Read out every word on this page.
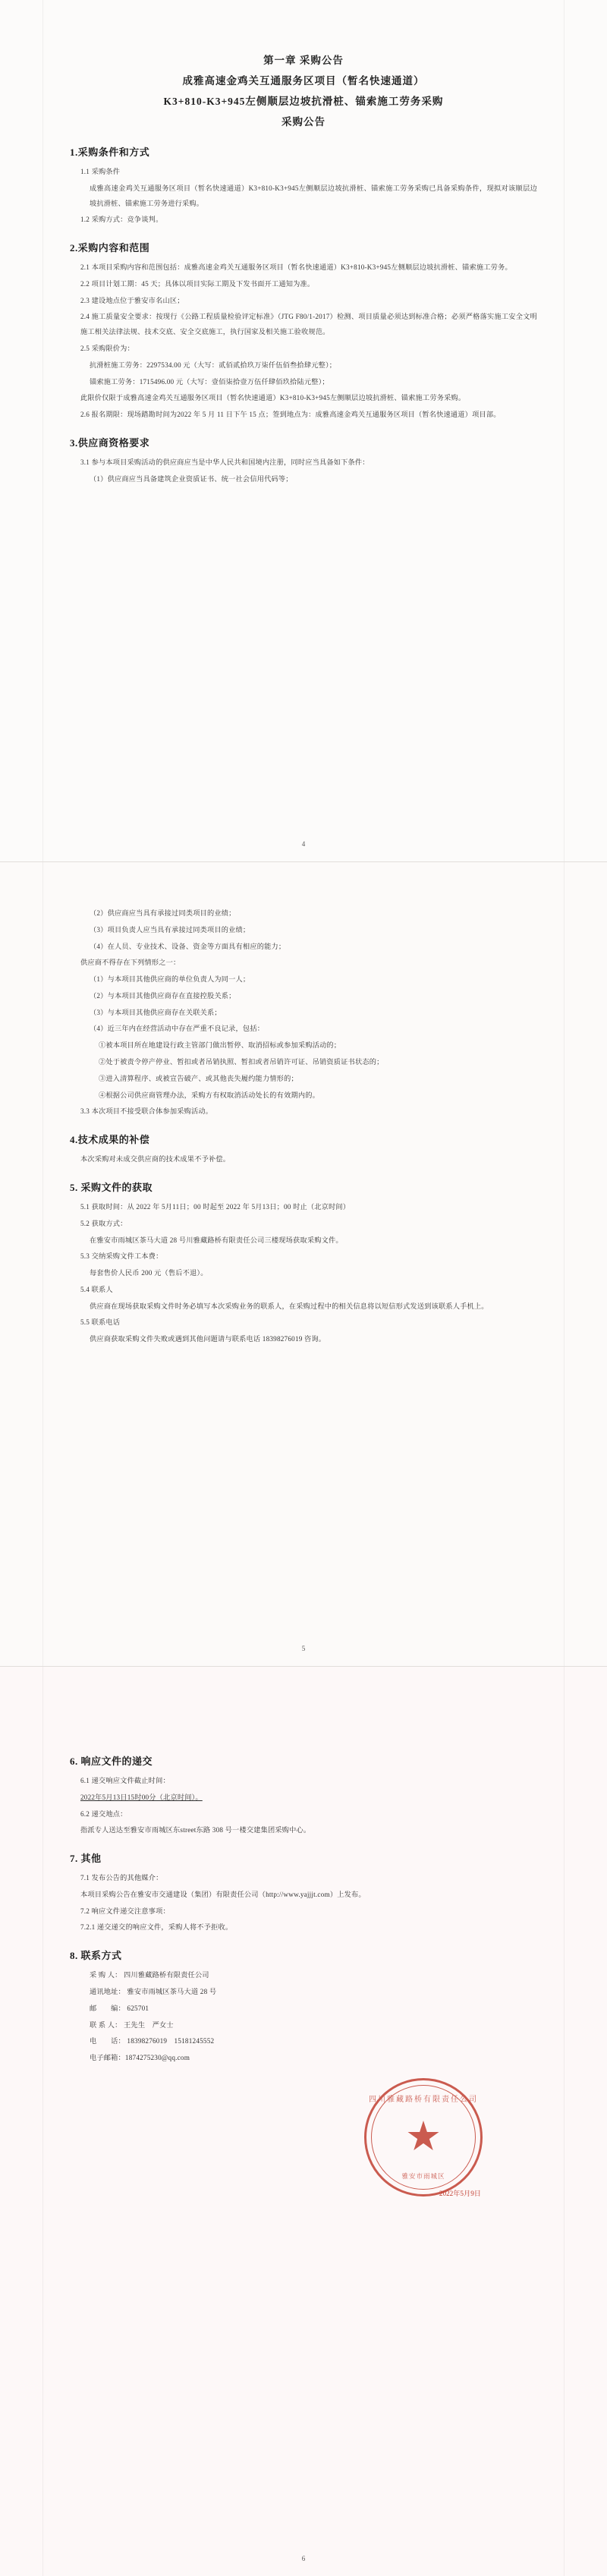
第一章 采购公告
成雅高速金鸡关互通服务区项目（暂名快速通道）
K3+810-K3+945左侧顺层边坡抗滑桩、锚索施工劳务采购
采购公告
1.采购条件和方式

1.1 采购条件

成雅高速金鸡关互通服务区项目（暂名快速通道）K3+810-K3+945左侧顺层边坡抗滑桩、锚索施工劳务采购已具备采购条件，现拟对该顺层边坡抗滑桩、锚索施工劳务进行采购。

1.2 采购方式：竞争谈判。

2.采购内容和范围

2.1 本项目采购内容和范围包括：成雅高速金鸡关互通服务区项目（暂名快速通道）K3+810-K3+945左侧顺层边坡抗滑桩、锚索施工劳务。

2.2 项目计划工期：45 天；具体以项目实际工期及下发书面开工通知为准。

2.3 建设地点位于雅安市名山区；

2.4 施工质量安全要求：按现行《公路工程质量检验评定标准》（JTG F80/1-2017）检测、项目质量必须达到标准合格；必须严格落实施工安全文明施工相关法律法规、技术交底、安全交底施工，执行国家及相关施工验收规范。

2.5 采购限价为：

抗滑桩施工劳务：2297534.00 元（大写：贰佰贰拾玖万柒仟伍佰叁拾肆元整）；

锚索施工劳务：1715496.00 元（大写：壹佰柒拾壹万伍仟肆佰玖拾陆元整）；

此限价仅限于成雅高速金鸡关互通服务区项目（暂名快速通道）K3+810-K3+945左侧顺层边坡抗滑桩、锚索施工劳务采购。

2.6 报名期限：现场踏勘时间为2022 年 5 月 11 日下午 15 点；签到地点为：成雅高速金鸡关互通服务区项目（暂名快速通道）项目部。

3.供应商资格要求

3.1 参与本项目采购活动的供应商应当是中华人民共和国境内注册，同时应当具备如下条件：

（1）供应商应当具备建筑企业资质证书、统一社会信用代码等；

4

（2）供应商应当具有承接过同类项目的业绩；

（3）项目负责人应当具有承接过同类项目的业绩；

（4）在人员、专业技术、设备、资金等方面具有相应的能力；

供应商不得存在下列情形之一：

（1）与本项目其他供应商的单位负责人为同一人；

（2）与本项目其他供应商存在直接控股关系；

（3）与本项目其他供应商存在关联关系；

（4）近三年内在经营活动中存在严重不良记录，包括：

①被本项目所在地建设行政主管部门做出暂停、取消招标或参加采购活动的；

②处于被责令停产停业、暂扣或者吊销执照、暂扣或者吊销许可证、吊销资质证书状态的；

③进入清算程序、或被宣告破产、或其他丧失履约能力情形的；

④根据公司供应商管理办法，采购方有权取消活动处长的有效期内的。

3.3 本次项目不接受联合体参加采购活动。

4.技术成果的补偿

本次采购对未成交供应商的技术成果不予补偿。

5. 采购文件的获取

5.1 获取时间：从 2022 年 5月11日；00 时起至 2022 年 5月13日；00 时止（北京时间）

5.2 获取方式：

在雅安市雨城区茶马大道 28 号川雅藏路桥有限责任公司三楼现场获取采购文件。

5.3 交纳采购文件工本费：

每套售价人民币 200 元（售后不退）。

5.4 联系人

供应商在现场获取采购文件时务必填写本次采购业务的联系人，在采购过程中的相关信息将以短信形式发送到该联系人手机上。

5.5 联系电话

供应商获取采购文件失败或遇到其他问题请与联系电话 18398276019 咨询。

5
6. 响应文件的递交

6.1 递交响应文件截止时间：

2022年5月13日15时00分（北京时间）。

6.2 递交地点：

指派专人送达至雅安市雨城区东street东路 308 号一楼交建集团采购中心。

7. 其他

7.1 发布公告的其他媒介：

本项目采购公告在雅安市交通建设（集团）有限责任公司（http://www.yajjjt.com）上发布。

7.2 响应文件递交注意事项：

7.2.1 递交递交的响应文件，采购人将不予拒收。

8. 联系方式

采 购 人： 四川雅藏路桥有限责任公司

通讯地址： 雅安市雨城区茶马大道 28 号

邮　　编： 625701

联 系 人： 王先生　严女士

电　　话： 18398276019　15181245552

电子邮箱：1874275230@qq.com

四川雅藏路桥有限责任公司
★
雅安市雨城区
2022年5月9日
6
